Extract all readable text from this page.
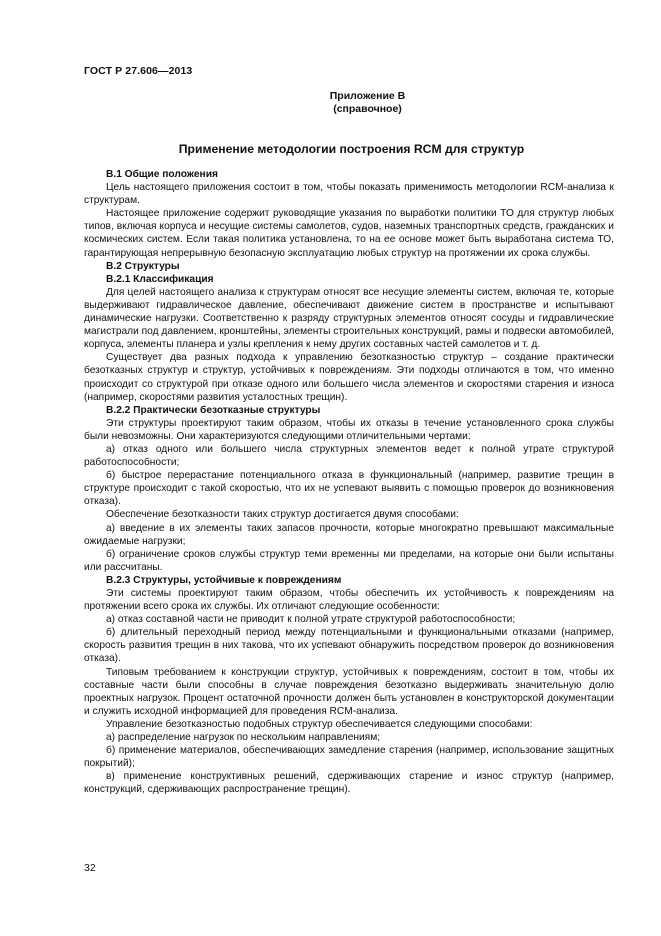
ГОСТ Р 27.606—2013
Приложение В
(справочное)
Применение методологии построения RCM для структур
В.1 Общие положения

Цель настоящего приложения состоит в том, чтобы показать применимость методологии RCM-анализа к структурам.

Настоящее приложение содержит руководящие указания по выработки политики ТО для структур любых типов, включая корпуса и несущие системы самолетов, судов, наземных транспортных средств, гражданских и космических систем. Если такая политика установлена, то на ее основе может быть выработана система ТО, гарантирующая непрерывную безопасную эксплуатацию любых структур на протяжении их срока службы.

В.2 Структуры
В.2.1 Классификация

Для целей настоящего анализа к структурам относят все несущие элементы систем, включая те, которые выдерживают гидравлическое давление, обеспечивают движение систем в пространстве и испытывают динамические нагрузки. Соответственно к разряду структурных элементов относят сосуды и гидравлические магистрали под давлением, кронштейны, элементы строительных конструкций, рамы и подвески автомобилей, корпуса, элементы планера и узлы крепления к нему других составных частей самолетов и т. д.

Существует два разных подхода к управлению безотказностью структур – создание практически безотказных структур и структур, устойчивых к повреждениям. Эти подходы отличаются в том, что именно происходит со структурой при отказе одного или большего числа элементов и скоростями старения и износа (например, скоростями развития усталостных трещин).

В.2.2 Практически безотказные структуры

Эти структуры проектируют таким образом, чтобы их отказы в течение установленного срока службы были невозможны. Они характеризуются следующими отличительными чертами:

а) отказ одного или большего числа структурных элементов ведет к полной утрате структурой работоспособности;

б) быстрое перерастание потенциального отказа в функциональный (например, развитие трещин в структуре происходит с такой скоростью, что их не успевают выявить с помощью проверок до возникновения отказа).

Обеспечение безотказности таких структур достигается двумя способами:

а) введение в их элементы таких запасов прочности, которые многократно превышают максимальные ожидаемые нагрузки;

б) ограничение сроков службы структур теми временны ми пределами, на которые они были испытаны или рассчитаны.

В.2.3 Структуры, устойчивые к повреждениям

Эти системы проектируют таким образом, чтобы обеспечить их устойчивость к повреждениям на протяжении всего срока их службы. Их отличают следующие особенности:

а) отказ составной части не приводит к полной утрате структурой работоспособности;

б) длительный переходный период между потенциальными и функциональными отказами (например, скорость развития трещин в них такова, что их успевают обнаружить посредством проверок до возникновения отказа).

Типовым требованием к конструкции структур, устойчивых к повреждениям, состоит в том, чтобы их составные части были способны в случае повреждения безотказно выдерживать значительную долю проектных нагрузок. Процент остаточной прочности должен быть установлен в конструкторской документации и служить исходной информацией для проведения RCM-анализа.

Управление безотказностью подобных структур обеспечивается следующими способами:

а) распределение нагрузок по нескольким направлениям;

б) применение материалов, обеспечивающих замедление старения (например, использование защитных покрытий);

в) применение конструктивных решений, сдерживающих старение и износ структур (например, конструкций, сдерживающих распространение трещин).

32
